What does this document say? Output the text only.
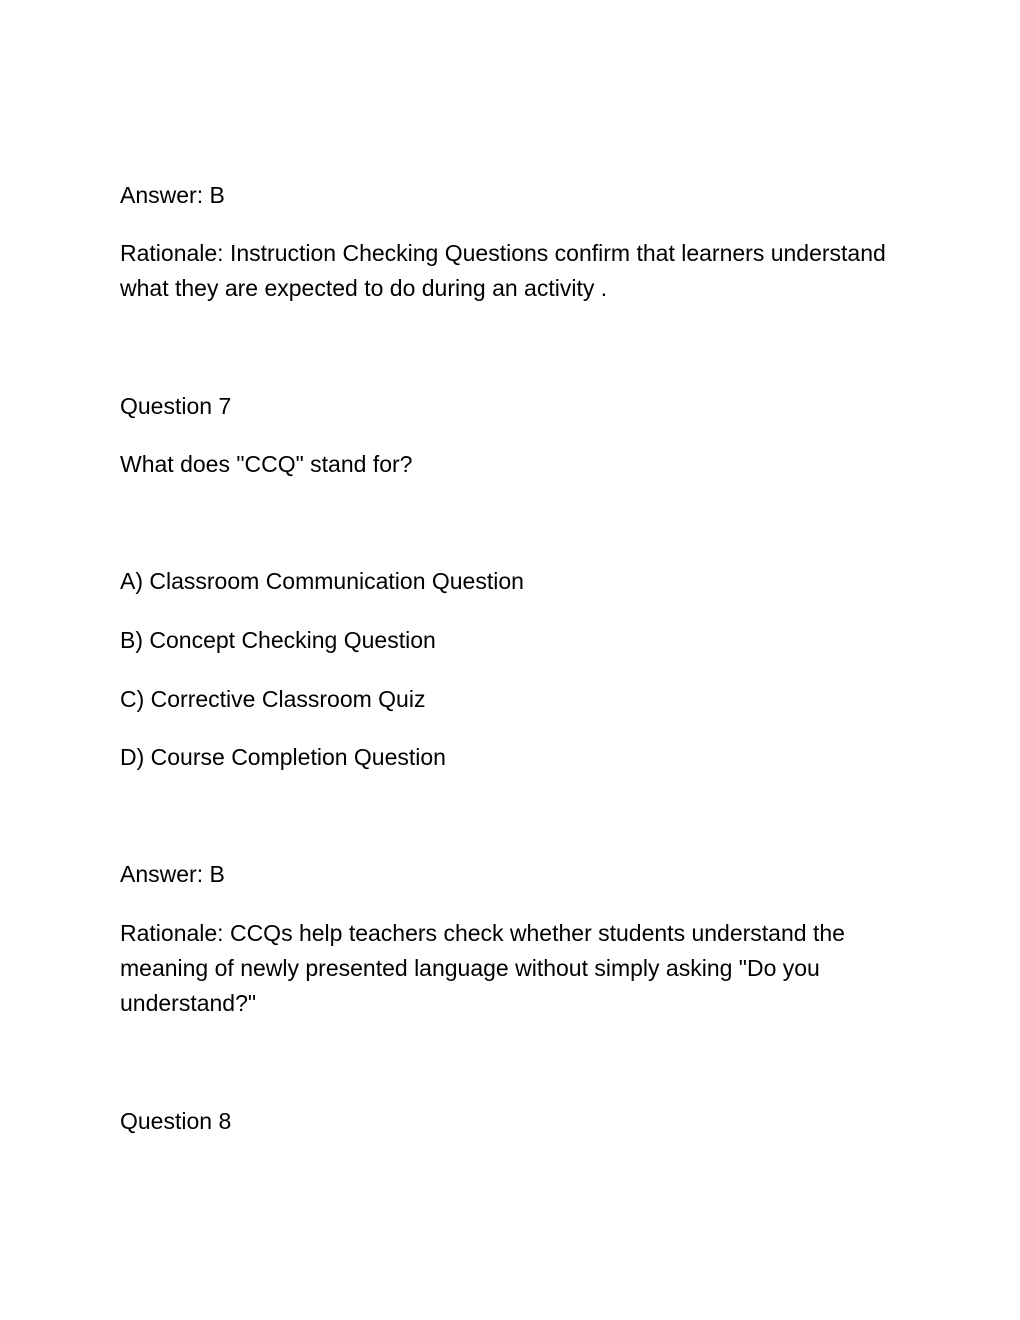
Answer: B

Rationale: Instruction Checking Questions confirm that learners understand what they are expected to do during an activity .

Question 7

What does "CCQ" stand for?

A) Classroom Communication Question

B) Concept Checking Question

C) Corrective Classroom Quiz

D) Course Completion Question

Answer: B

Rationale: CCQs help teachers check whether students understand the meaning of newly presented language without simply asking "Do you understand?"

Question 8
